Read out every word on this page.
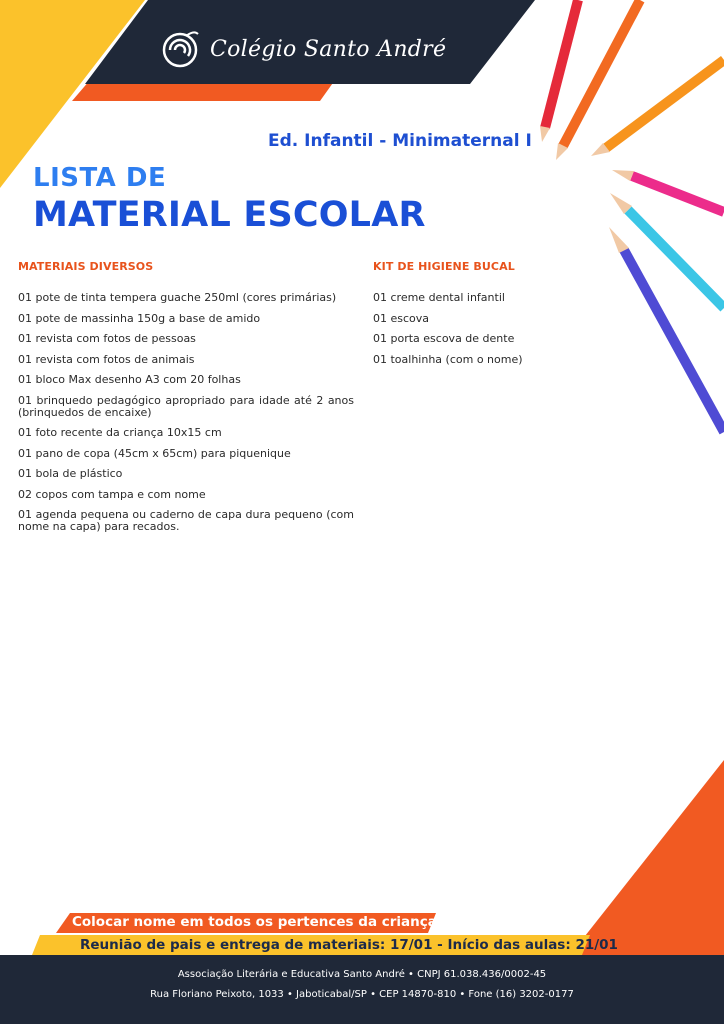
Colégio Santo André
Ed. Infantil - Minimaternal I
LISTA DE
MATERIAL ESCOLAR
MATERIAIS DIVERSOS	KIT DE HIGIENE BUCAL
01 pote de tinta tempera guache 250ml (cores primárias)
01 pote de massinha 150g a base de amido
01 revista com fotos de pessoas
01 revista com fotos de animais
01 bloco Max desenho A3 com 20 folhas
01 brinquedo pedagógico apropriado para idade até 2 anos (brinquedos de encaixe)
01 foto recente da criança 10x15 cm
01 pano de copa (45cm x 65cm) para piquenique
01 bola de plástico
02 copos com tampa e com nome
01 agenda pequena ou caderno de capa dura pequeno (com nome na capa) para recados.
01 creme dental infantil
01 escova
01 porta escova de dente
01 toalhinha (com o nome)
Colocar nome em todos os pertences da criança
Reunião de pais e entrega de materiais: 17/01 - Início das aulas: 21/01
Associação Literária e Educativa Santo André • CNPJ 61.038.436/0002-45
Rua Floriano Peixoto, 1033 • Jaboticabal/SP • CEP 14870-810 • Fone (16) 3202-0177
